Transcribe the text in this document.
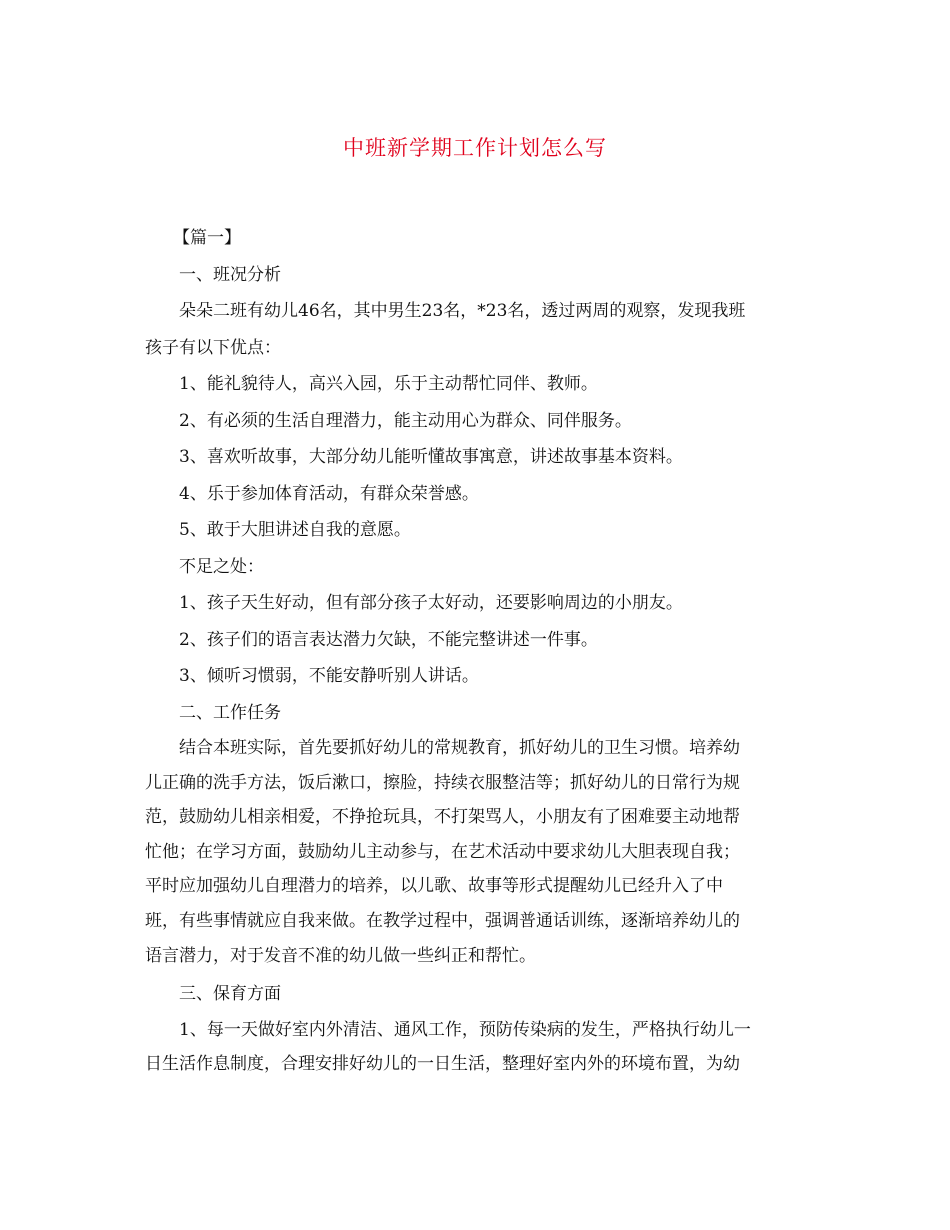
中班新学期工作计划怎么写

【篇一】

一、班况分析

朵朵二班有幼儿46名，其中男生23名，*23名，透过两周的观察，发现我班

孩子有以下优点：

1、能礼貌待人，高兴入园，乐于主动帮忙同伴、教师。

2、有必须的生活自理潜力，能主动用心为群众、同伴服务。

3、喜欢听故事，大部分幼儿能听懂故事寓意，讲述故事基本资料。

4、乐于参加体育活动，有群众荣誉感。

5、敢于大胆讲述自我的意愿。

不足之处：

1、孩子天生好动，但有部分孩子太好动，还要影响周边的小朋友。

2、孩子们的语言表达潜力欠缺，不能完整讲述一件事。

3、倾听习惯弱，不能安静听别人讲话。

二、工作任务

结合本班实际，首先要抓好幼儿的常规教育，抓好幼儿的卫生习惯。培养幼
儿正确的洗手方法，饭后漱口，擦脸，持续衣服整洁等；抓好幼儿的日常行为规
范，鼓励幼儿相亲相爱，不挣抢玩具，不打架骂人，小朋友有了困难要主动地帮
忙他；在学习方面，鼓励幼儿主动参与，在艺术活动中要求幼儿大胆表现自我；
平时应加强幼儿自理潜力的培养，以儿歌、故事等形式提醒幼儿已经升入了中
班，有些事情就应自我来做。在教学过程中，强调普通话训练，逐渐培养幼儿的
语言潜力，对于发音不准的幼儿做一些纠正和帮忙。

三、保育方面

1、每一天做好室内外清洁、通风工作，预防传染病的发生，严格执行幼儿一
日生活作息制度，合理安排好幼儿的一日生活，整理好室内外的环境布置，为幼
